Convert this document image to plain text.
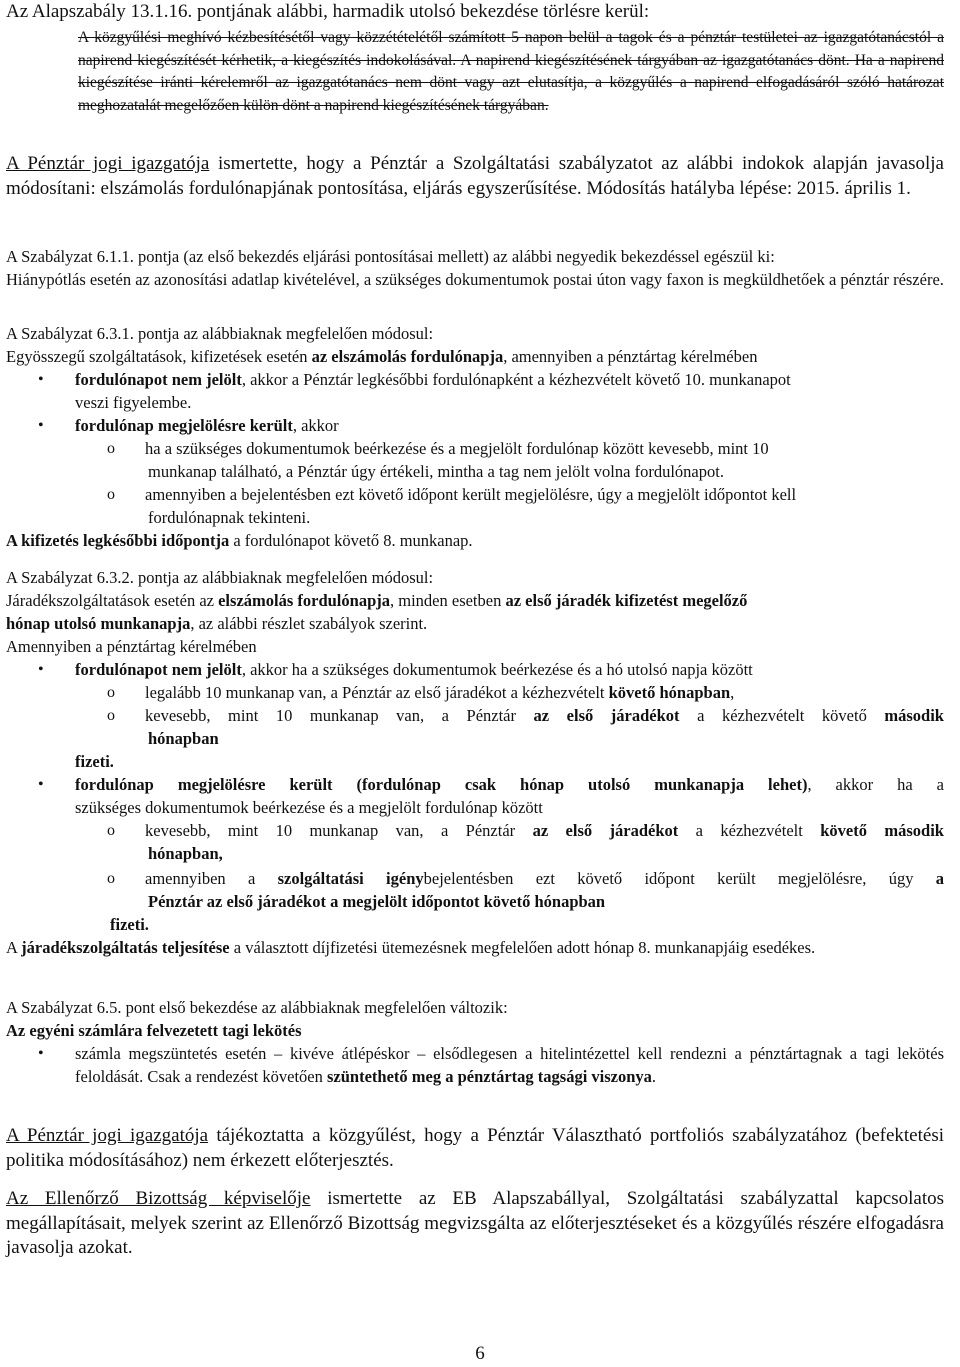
Az Alapszabály 13.1.16. pontjának alábbi, harmadik utolsó bekezdése törlésre kerül:

A közgyűlési meghívó kézbesítésétől vagy közzétételétől számított 5 napon belül a tagok és a pénztár testületei az igazgatótanácstól a napirend kiegészítését kérhetik, a kiegészítés indokolásával. A napirend kiegészítésének tárgyában az igazgatótanács dönt. Ha a napirend kiegészítése iránti kérelemről az igazgatótanács nem dönt vagy azt elutasítja, a közgyűlés a napirend elfogadásáról szóló határozat meghozatalát megelőzően külön dönt a napirend kiegészítésének tárgyában.

A Pénztár jogi igazgatója ismertette, hogy a Pénztár a Szolgáltatási szabályzatot az alábbi indokok alapján javasolja módosítani: elszámolás fordulónapjának pontosítása, eljárás egyszerűsítése. Módosítás hatályba lépése: 2015. április 1.

A Szabályzat 6.1.1. pontja (az első bekezdés eljárási pontosításai mellett) az alábbi negyedik bekezdéssel egészül ki:

Hiánypótlás esetén az azonosítási adatlap kivételével, a szükséges dokumentumok postai úton vagy faxon is megküldhetőek a pénztár részére.

A Szabályzat 6.3.1. pontja az alábbiaknak megfelelően módosul:

Egyösszegű szolgáltatások, kifizetések esetén az elszámolás fordulónapja, amennyiben a pénztártag kérelmében

•	fordulónapot nem jelölt, akkor a Pénztár legkésőbbi fordulónapként a kézhezvételt követő 10. munkanapot

veszi figyelembe.

•	fordulónap megjelölésre került, akkor

o	ha a szükséges dokumentumok beérkezése és a megjelölt fordulónap között kevesebb, mint 10

munkanap található, a Pénztár úgy értékeli, mintha a tag nem jelölt volna fordulónapot.

o	amennyiben a bejelentésben ezt követő időpont került megjelölésre, úgy a megjelölt időpontot kell

fordulónapnak tekinteni.

A kifizetés legkésőbbi időpontja a fordulónapot követő 8. munkanap.

A Szabályzat 6.3.2. pontja az alábbiaknak megfelelően módosul:

Járadékszolgáltatások esetén az elszámolás fordulónapja, minden esetben az első járadék kifizetést megelőző

hónap utolsó munkanapja, az alábbi részlet szabályok szerint.

Amennyiben a pénztártag kérelmében

•	fordulónapot nem jelölt, akkor ha a szükséges dokumentumok beérkezése és a hó utolsó napja között

o	legalább 10 munkanap van, a Pénztár az első járadékot a kézhezvételt követő hónapban,

o	kevesebb, mint 10 munkanap van, a Pénztár az első járadékot a kézhezvételt követő második

hónapban

fizeti.

•	fordulónap megjelölésre került (fordulónap csak hónap utolsó munkanapja lehet), akkor ha a

szükséges dokumentumok beérkezése és a megjelölt fordulónap között

o	kevesebb, mint 10 munkanap van, a Pénztár az első járadékot a kézhezvételt követő második

hónapban,

o	amennyiben a szolgáltatási igénybejelentésben ezt követő időpont került megjelölésre, úgy a

Pénztár az első járadékot a megjelölt időpontot követő hónapban

fizeti.

A járadékszolgáltatás teljesítése a választott díjfizetési ütemezésnek megfelelően adott hónap 8. munkanapjáig esedékes.

A Szabályzat 6.5. pont első bekezdése az alábbiaknak megfelelően változik:

Az egyéni számlára felvezetett tagi lekötés

•	számla megszüntetés esetén – kivéve átlépéskor – elsődlegesen a hitelintézettel kell rendezni a pénztártagnak a tagi lekötés feloldását. Csak a rendezést követően szüntethető meg a pénztártag tagsági viszonya.

A Pénztár jogi igazgatója tájékoztatta a közgyűlést, hogy a Pénztár Választható portfoliós szabályzatához (befektetési politika módosításához) nem érkezett előterjesztés.

Az Ellenőrző Bizottság képviselője ismertette az EB Alapszabállyal, Szolgáltatási szabályzattal kapcsolatos megállapításait, melyek szerint az Ellenőrző Bizottság megvizsgálta az előterjesztéseket és a közgyűlés részére elfogadásra javasolja azokat.

6
